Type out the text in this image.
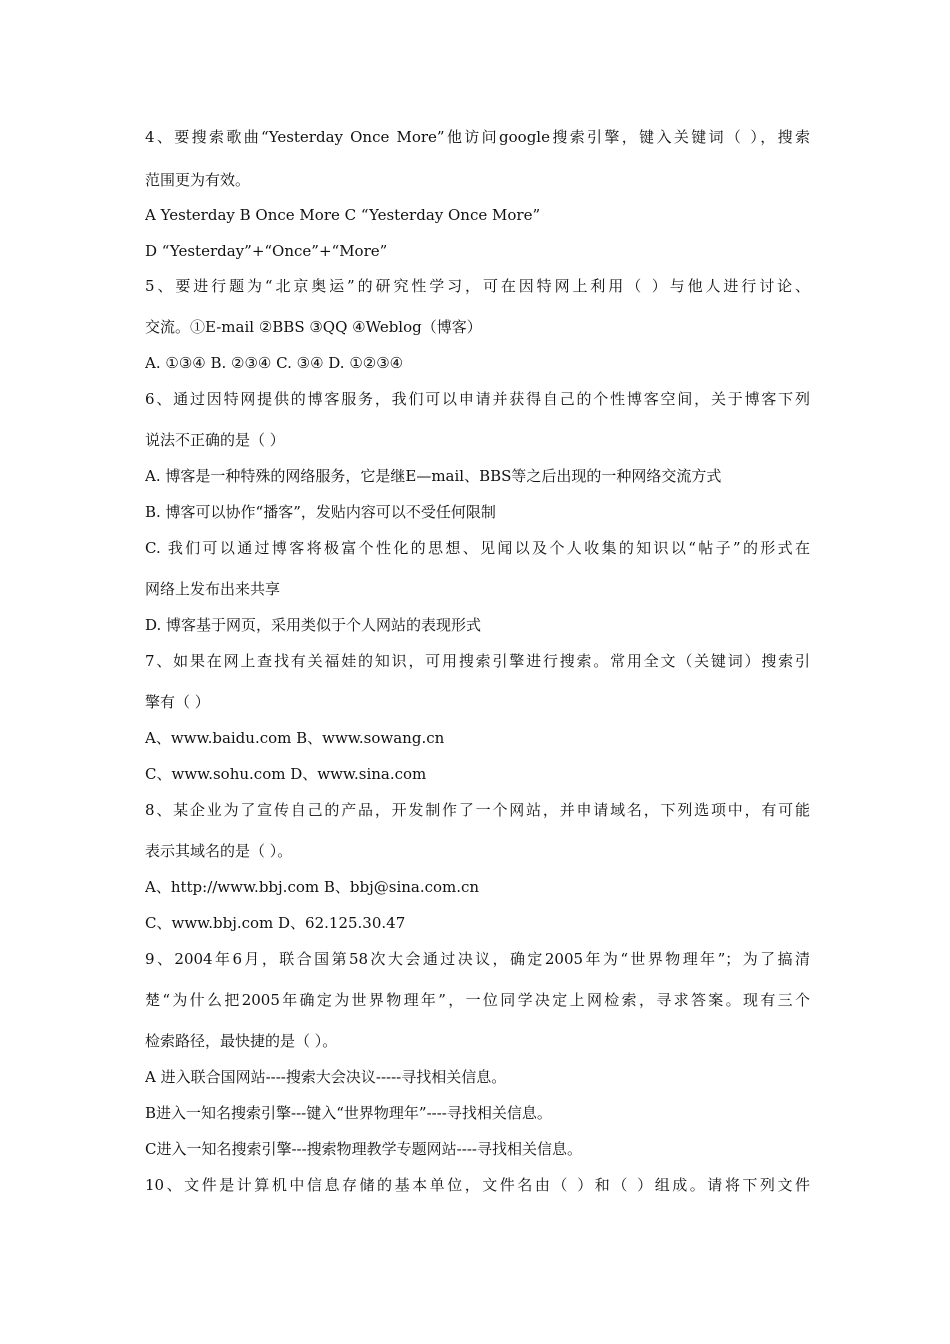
4、要搜索歌曲“Yesterday Once More”他访问google搜索引擎，键入关键词（ ），搜索
范围更为有效。
A Yesterday B Once More C “Yesterday Once More”
D “Yesterday”+“Once”+“More”
5、要进行题为“北京奥运”的研究性学习，可在因特网上利用（ ）与他人进行讨论、
交流。①E-mail ②BBS ③QQ ④Weblog（博客）
A. ①③④ B. ②③④ C. ③④ D. ①②③④
6、通过因特网提供的博客服务，我们可以申请并获得自己的个性博客空间，关于博客下列
说法不正确的是（ ）
A. 博客是一种特殊的网络服务，它是继E—mail、BBS等之后出现的一种网络交流方式
B. 博客可以协作“播客”，发贴内容可以不受任何限制
C. 我们可以通过博客将极富个性化的思想、见闻以及个人收集的知识以“帖子”的形式在
网络上发布出来共享
D. 博客基于网页，采用类似于个人网站的表现形式
7、如果在网上查找有关福娃的知识，可用搜索引擎进行搜索。常用全文（关键词）搜索引
擎有（ ）
A、www.baidu.com B、www.sowang.cn
C、www.sohu.com D、www.sina.com
8、某企业为了宣传自己的产品，开发制作了一个网站，并申请域名，下列选项中，有可能
表示其域名的是（ ）。
A、http://www.bbj.com B、bbj@sina.com.cn
C、www.bbj.com D、62.125.30.47
9、2004年6月，联合国第58次大会通过决议，确定2005年为“世界物理年”；为了搞清
楚“为什么把2005年确定为世界物理年”，一位同学决定上网检索，寻求答案。现有三个
检索路径，最快捷的是（ ）。
A 进入联合国网站----搜索大会决议-----寻找相关信息。
B进入一知名搜索引擎---键入“世界物理年”----寻找相关信息。
C进入一知名搜索引擎---搜索物理教学专题网站----寻找相关信息。
10、文件是计算机中信息存储的基本单位，文件名由（ ）和（ ）组成。请将下列文件
